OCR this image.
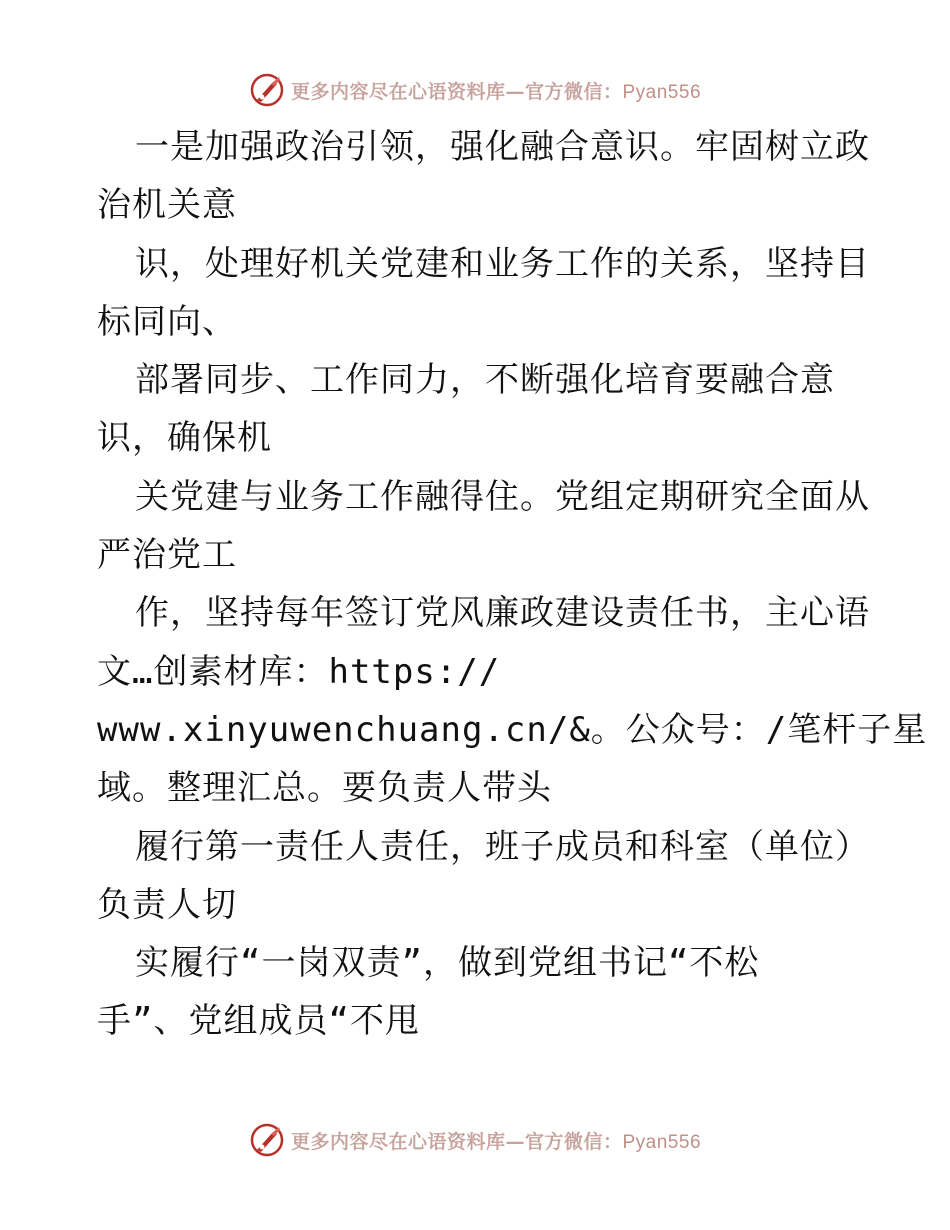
更多内容尽在心语资料库—官方微信：Pyan556
一是加强政治引领，强化融合意识。牢固树立政
治机关意
识，处理好机关党建和业务工作的关系，坚持目
标同向、
部署同步、工作同力，不断强化培育要融合意
识，确保机
关党建与业务工作融得住。党组定期研究全面从
严治党工
作，坚持每年签订党风廉政建设责任书，主心语
文…创素材库：https://
www.xinyuwenchuang.cn/&。公众号：/笔杆子星
域。整理汇总。要负责人带头
履行第一责任人责任，班子成员和科室（单位）
负责人切
实履行“一岗双责”，做到党组书记“不松
手”、党组成员“不甩
更多内容尽在心语资料库—官方微信：Pyan556
